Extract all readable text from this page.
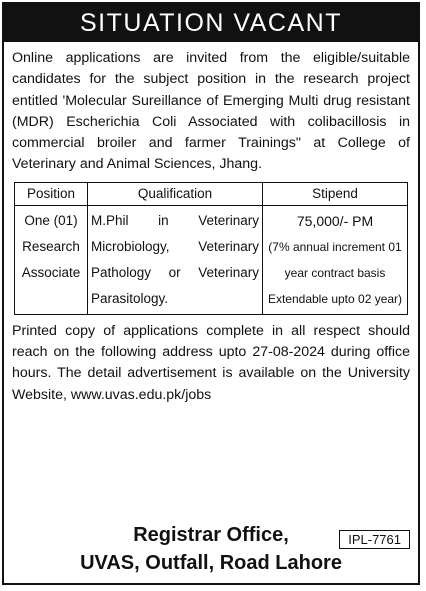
SITUATION VACANT

Online applications are invited from the eligible/suitable candidates for the subject position in the research project entitled 'Molecular Sureillance of Emerging Multi drug resistant (MDR) Escherichia Coli Associated with colibacillosis in commercial broiler and farmer Trainings" at College of Veterinary and Animal Sciences, Jhang.

Position	Qualification	Stipend
One (01) Research Associate	M.Phil in Veterinary Microbiology, Veterinary Pathology or Veterinary Parasitology.	75,000/- PM
(7% annual increment 01 year contract basis Extendable upto 02 year)

Printed copy of applications complete in all respect should reach on the following address upto 27-08-2024 during office hours. The detail advertisement is available on the University Website, www.uvas.edu.pk/jobs

IPL-7761
Registrar Office,
UVAS, Outfall, Road Lahore
